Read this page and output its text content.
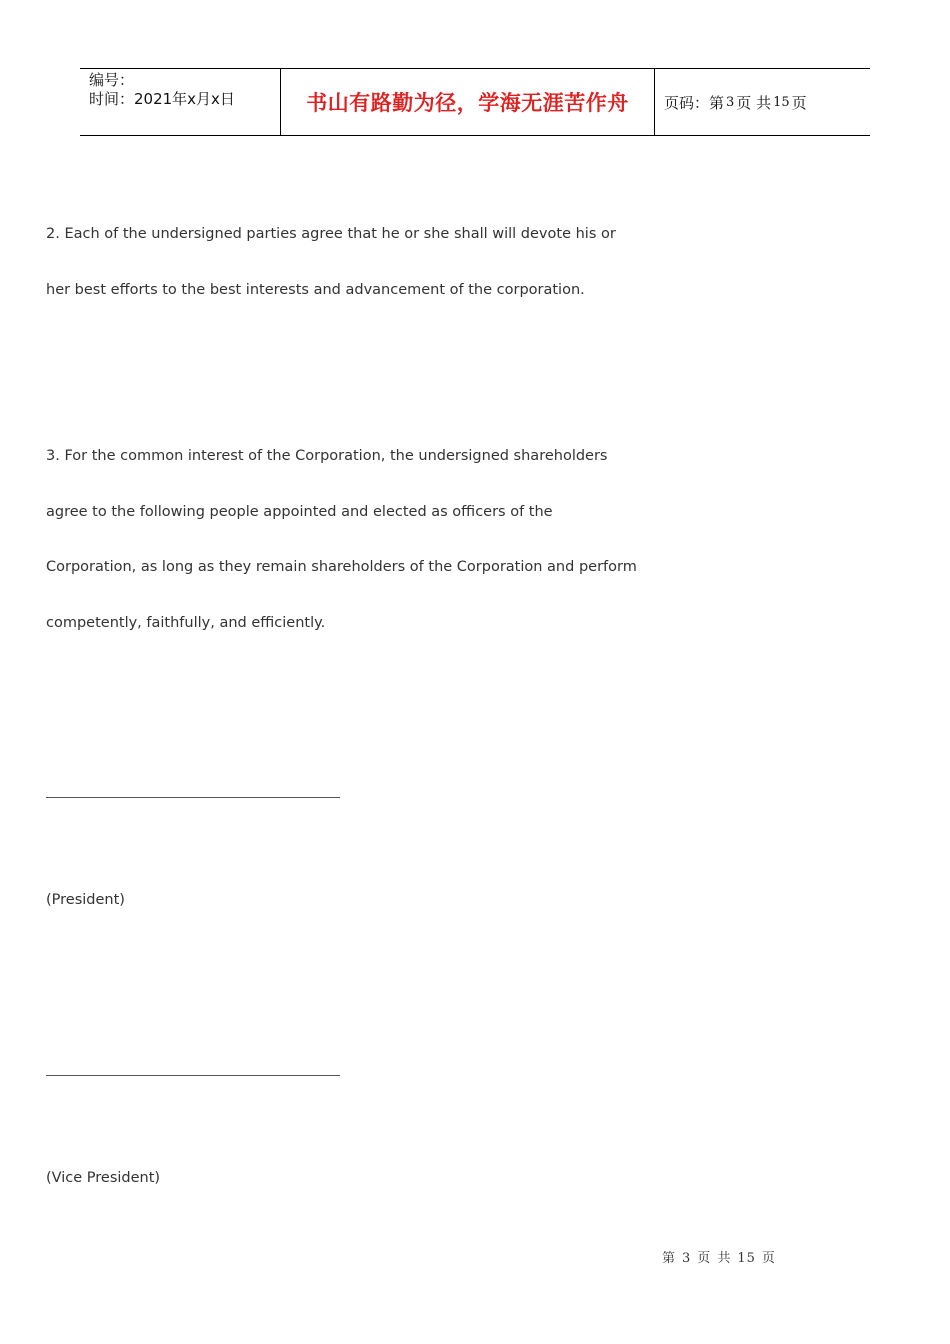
编号：
时间：2021年x月x日	书山有路勤为径，学海无涯苦作舟 页码：第 3 页 共 15 页
2. Each of the undersigned parties agree that he or she shall will devote his or
her best efforts to the best interests and advancement of the corporation.
3. For the common interest of the Corporation, the undersigned shareholders
agree to the following people appointed and elected as officers of the
Corporation, as long as they remain shareholders of the Corporation and perform
competently, faithfully, and efficiently.
(President)
(Vice President)
第 3 页 共 15 页
